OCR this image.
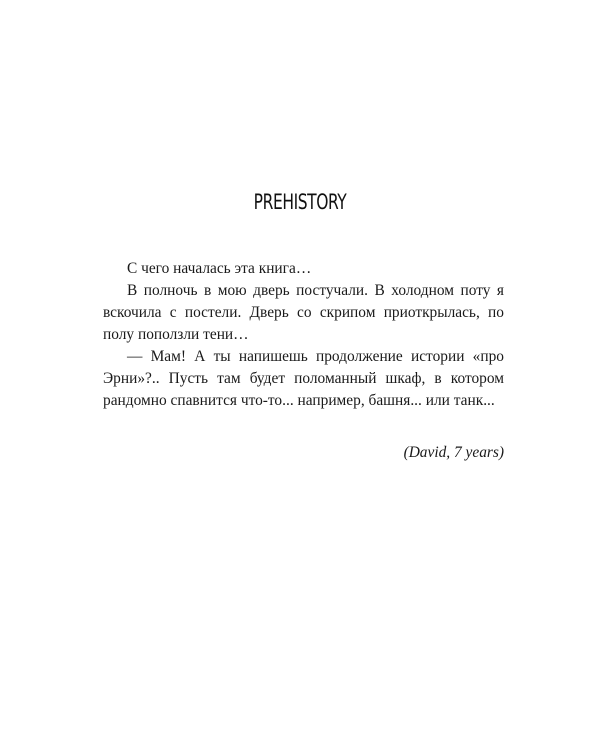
PREHISTORY

С чего началась эта книга…

В полночь в мою дверь постучали. В холодном поту я вскочила с постели. Дверь со скрипом приоткрылась, по полу поползли тени…

— Мам! А ты напишешь продолжение истории «про Эрни»?.. Пусть там будет поломанный шкаф, в котором рандомно спавнится что-то... например, башня... или танк...

(David, 7 years)
